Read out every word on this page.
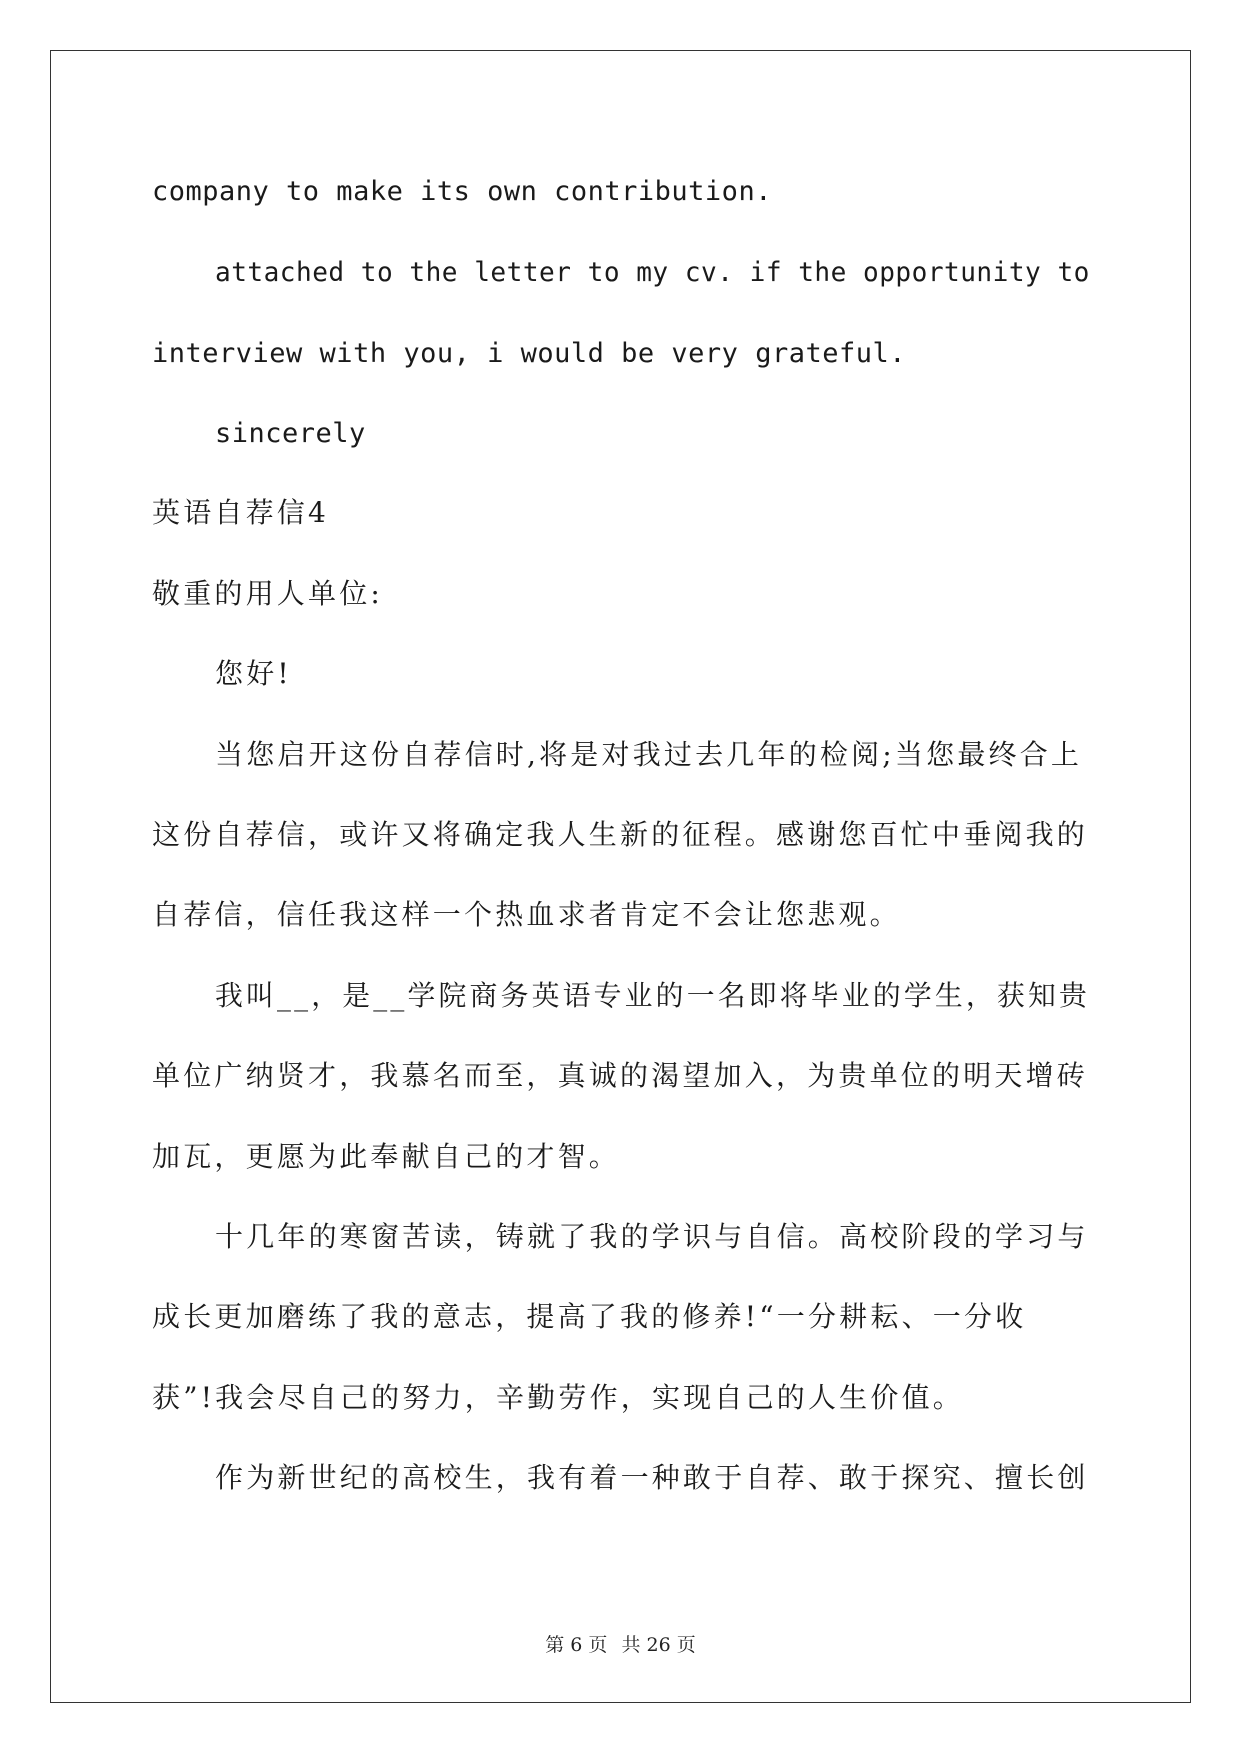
company to make its own contribution.
attached to the letter to my cv. if the opportunity to
interview with you, i would be very grateful.
sincerely
英语自荐信4
敬重的用人单位:
您好!
当您启开这份自荐信时,将是对我过去几年的检阅;当您最终合上
这份自荐信，或许又将确定我人生新的征程。感谢您百忙中垂阅我的
自荐信，信任我这样一个热血求者肯定不会让您悲观。
我叫__，是__学院商务英语专业的一名即将毕业的学生，获知贵
单位广纳贤才，我慕名而至，真诚的渴望加入，为贵单位的明天增砖
加瓦，更愿为此奉献自己的才智。
十几年的寒窗苦读，铸就了我的学识与自信。高校阶段的学习与
成长更加磨练了我的意志，提高了我的修养!“一分耕耘、一分收
获”!我会尽自己的努力，辛勤劳作，实现自己的人生价值。
作为新世纪的高校生，我有着一种敢于自荐、敢于探究、擅长创
第 6 页 共 26 页
